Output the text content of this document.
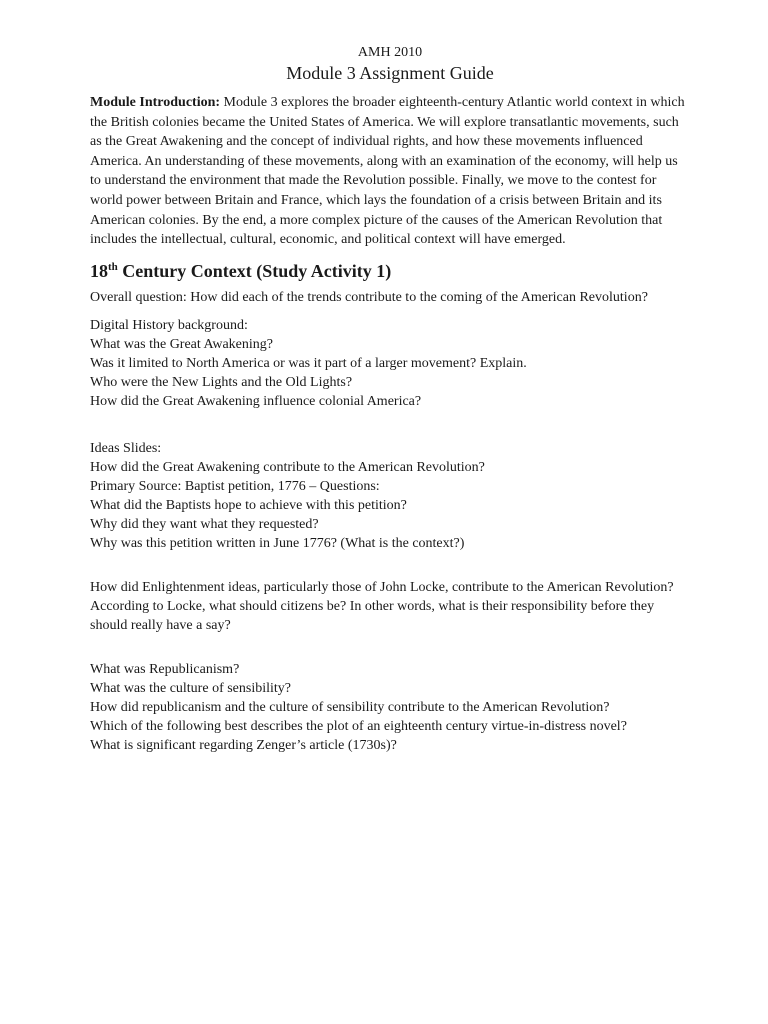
AMH 2010

Module 3 Assignment Guide

Module Introduction: Module 3 explores the broader eighteenth-century Atlantic world context in which the British colonies became the United States of America. We will explore transatlantic movements, such as the Great Awakening and the concept of individual rights, and how these movements influenced America. An understanding of these movements, along with an examination of the economy, will help us to understand the environment that made the Revolution possible. Finally, we move to the contest for world power between Britain and France, which lays the foundation of a crisis between Britain and its American colonies. By the end, a more complex picture of the causes of the American Revolution that includes the intellectual, cultural, economic, and political context will have emerged.

18th Century Context (Study Activity 1)

Overall question: How did each of the trends contribute to the coming of the American Revolution?

Digital History background:
What was the Great Awakening?
Was it limited to North America or was it part of a larger movement? Explain.
Who were the New Lights and the Old Lights?
How did the Great Awakening influence colonial America?

Ideas Slides:
How did the Great Awakening contribute to the American Revolution?
Primary Source: Baptist petition, 1776 – Questions:
What did the Baptists hope to achieve with this petition?
Why did they want what they requested?
Why was this petition written in June 1776? (What is the context?)

How did Enlightenment ideas, particularly those of John Locke, contribute to the American Revolution?
According to Locke, what should citizens be? In other words, what is their responsibility before they should really have a say?

What was Republicanism?
What was the culture of sensibility?
How did republicanism and the culture of sensibility contribute to the American Revolution?
Which of the following best describes the plot of an eighteenth century virtue-in-distress novel?
What is significant regarding Zenger’s article (1730s)?
